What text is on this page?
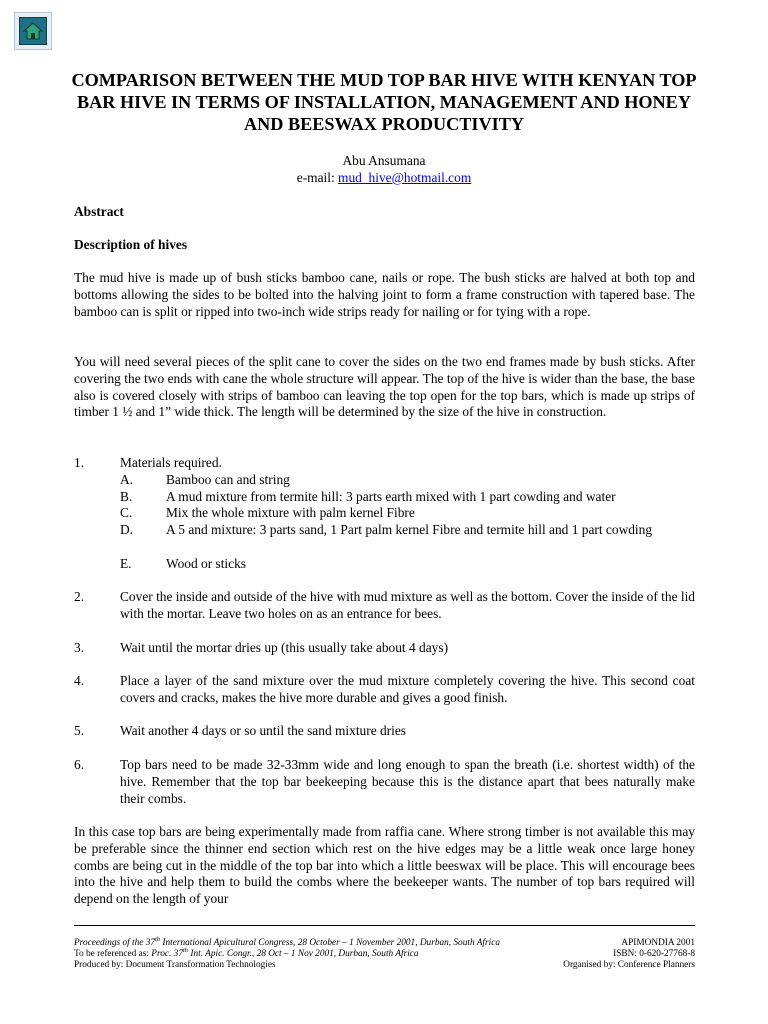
COMPARISON BETWEEN THE MUD TOP BAR HIVE WITH KENYAN TOP BAR HIVE IN TERMS OF INSTALLATION, MANAGEMENT AND HONEY AND BEESWAX PRODUCTIVITY
Abu Ansumana
e-mail: mud_hive@hotmail.com
Abstract
Description of hives

The mud hive is made up of bush sticks bamboo cane, nails or rope. The bush sticks are halved at both top and bottoms allowing the sides to be bolted into the halving joint to form a frame construction with tapered base. The bamboo can is split or ripped into two-inch wide strips ready for nailing or for tying with a rope.

You will need several pieces of the split cane to cover the sides on the two end frames made by bush sticks. After covering the two ends with cane the whole structure will appear. The top of the hive is wider than the base, the base also is covered closely with strips of bamboo can leaving the top open for the top bars, which is made up strips of timber 1 ½ and 1” wide thick. The length will be determined by the size of the hive in construction.

1.	Materials required.

A. Bamboo can and string

B.	A mud mixture from termite hill: 3 parts earth mixed with 1 part cowding and water

C.	Mix the whole mixture with palm kernel Fibre

D. A 5 and mixture: 3 parts sand, 1 Part palm kernel Fibre and termite hill and 1 part cowding

E.	Wood or sticks

2.	Cover the inside and outside of the hive with mud mixture as well as the bottom. Cover the inside of the lid with the mortar. Leave two holes on as an entrance for bees.

3.	Wait until the mortar dries up (this usually take about 4 days)

4.	Place a layer of the sand mixture over the mud mixture completely covering the hive. This second coat covers and cracks, makes the hive more durable and gives a good finish.

5.	Wait another 4 days or so until the sand mixture dries

6.	Top bars need to be made 32-33mm wide and long enough to span the breath (i.e. shortest width) of the hive. Remember that the top bar beekeeping because this is the distance apart that bees naturally make their combs.

In this case top bars are being experimentally made from raffia cane. Where strong timber is not available this may be preferable since the thinner end section which rest on the hive edges may be a little weak once large honey combs are being cut in the middle of the top bar into which a little beeswax will be place. This will encourage bees into the hive and help them to build the combs where the beekeeper wants. The number of top bars required will depend on the length of your

Proceedings of the 37th International Apicultural Congress, 28 October – 1 November 2001, Durban, South Africa	APIMONDIA 2001
To be referenced as: Proc. 37th Int. Apic. Congr., 28 Oct – 1 Nov 2001, Durban, South Africa	ISBN: 0-620-27768-8
Produced by: Document Transformation Technologies	Organised by: Conference Planners
